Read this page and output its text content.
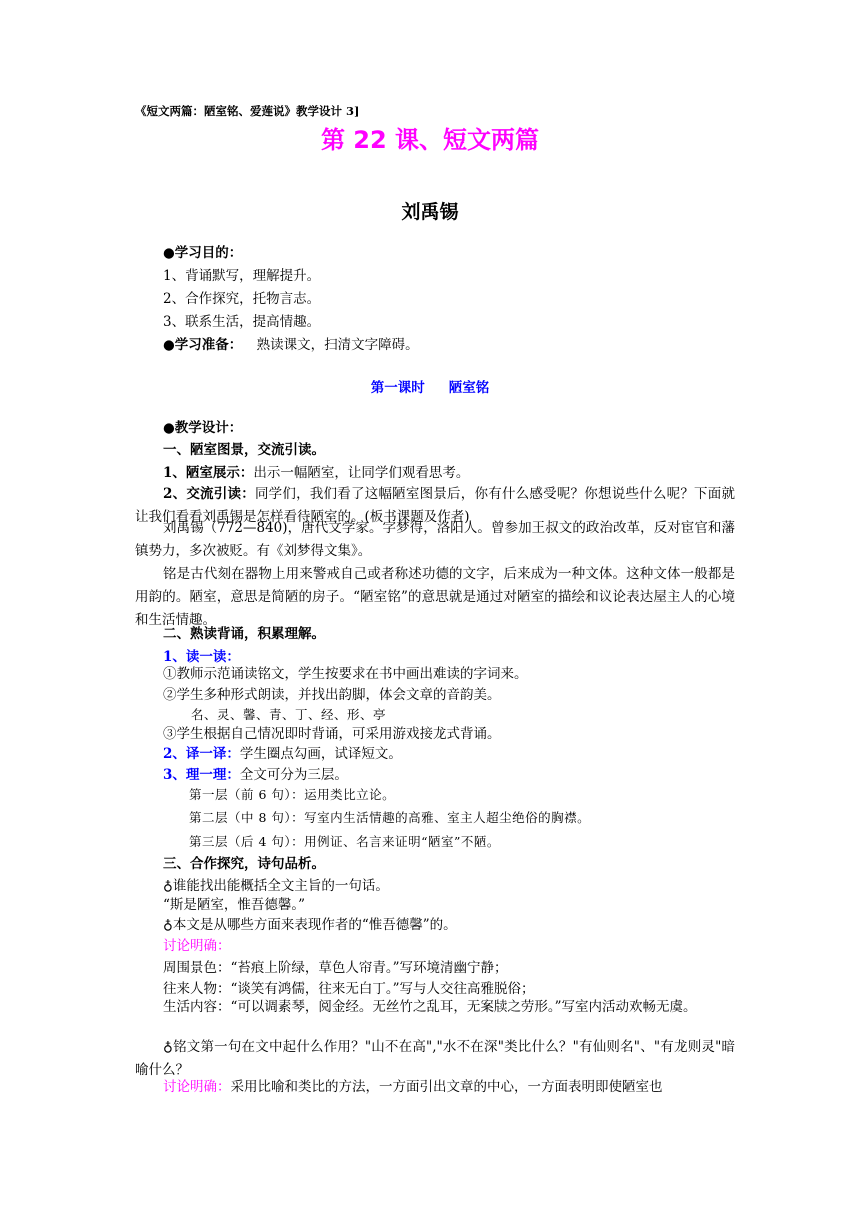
《短文两篇：陋室铭、爱莲说》教学设计 3]
第 22 课、短文两篇
刘禹锡
●学习目的：
1、背诵默写，理解提升。
2、合作探究，托物言志。
3、联系生活，提高情趣。
●学习准备： 熟读课文，扫清文字障碍。
第一课时 陋室铭
●教学设计：
一、陋室图景，交流引读。
1、陋室展示：出示一幅陋室，让同学们观看思考。
2、交流引读：同学们，我们看了这幅陋室图景后，你有什么感受呢？你想说些什么呢？下面就让我们看看刘禹锡是怎样看待陋室的。(板书课题及作者)
刘禹锡（772—840)，唐代文学家。字梦得，洛阳人。曾参加王叔文的政治改革，反对宦官和藩镇势力，多次被贬。有《刘梦得文集》。
铭是古代刻在器物上用来警戒自己或者称述功德的文字，后来成为一种文体。这种文体一般都是用韵的。陋室，意思是简陋的房子。“陋室铭”的意思就是通过对陋室的描绘和议论表达屋主人的心境和生活情趣。
二、熟读背诵，积累理解。
1、读一读：
①教师示范诵读铭文，学生按要求在书中画出难读的字词来。
②学生多种形式朗读，并找出韵脚，体会文章的音韵美。
名、灵、馨、青、丁、经、形、亭
③学生根据自己情况即时背诵，可采用游戏接龙式背诵。
2、译一译：学生圈点勾画，试译短文。
3、理一理：全文可分为三层。
第一层（前 6 句）：运用类比立论。
第二层（中 8 句）：写室内生活情趣的高雅、室主人超尘绝俗的胸襟。
第三层（后 4 句）：用例证、名言来证明“陋室”不陋。
三、合作探究，诗句品析。
♁谁能找出能概括全文主旨的一句话。
“斯是陋室，惟吾德馨。”
♁本文是从哪些方面来表现作者的“惟吾德馨”的。
讨论明确：
周围景色：“苔痕上阶绿，草色人帘青。”写环境清幽宁静；
往来人物：“谈笑有鸿儒，往来无白丁。”写与人交往高雅脱俗；
生活内容：“可以调素琴，阅金经。无丝竹之乱耳，无案牍之劳形。”写室内活动欢畅无虞。
♁铭文第一句在文中起什么作用？"山不在高","水不在深"类比什么？"有仙则名"、"有龙则灵"暗喻什么？
讨论明确：采用比喻和类比的方法，一方面引出文章的中心，一方面表明即使陋室也
